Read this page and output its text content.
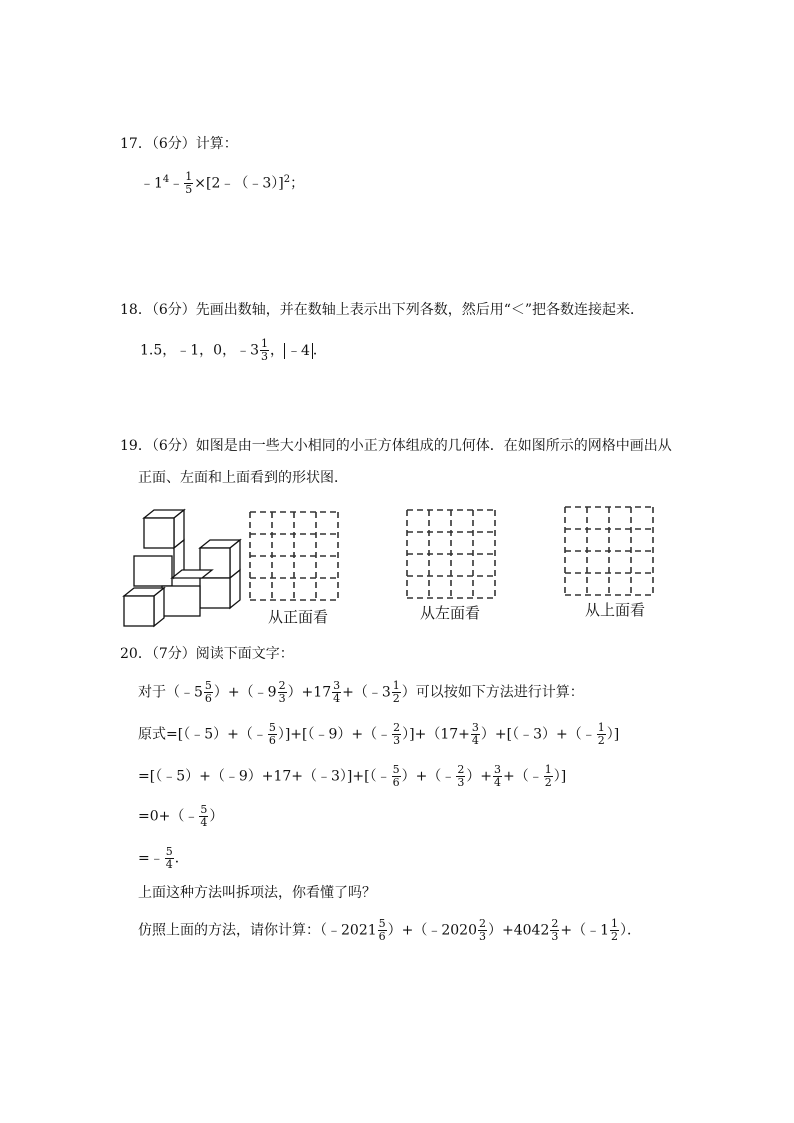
17．（6分）计算：
$﹣1^4﹣ \frac{1}{5}$ ×[2﹣（﹣3）]$^2$；
18．（6分）先画出数轴，并在数轴上表示出下列各数，然后用“＜”把各数连接起来．
1.5，﹣1，0，﹣3 $\frac{1}{3}$ ， ﹣4 ．
19．（6分）如图是由一些大小相同的小正方体组成的几何体．在如图所示的网格中画出从
正面、左面和上面看到的形状图．
从正面看	从左面看	从上面看
20．（7分）阅读下面文字：
对于（﹣5 $\frac{5}{6}$ ）+（﹣9 $\frac{2}{3} )+17 \frac{3}{4}$ +（﹣3 $\frac{1}{2}$ ）可以按如下方法进行计算：
原式=[（﹣5）+（﹣ $\frac{5}{6}$ ）]+[（﹣9）+（﹣ $\frac{2}{3} )]+(17+ \frac{3}{4}$ ）+[（﹣3）+（﹣ $\frac{1}{2}$ ）]
=[（﹣5）+（﹣9）+17+（﹣3）]+[（﹣ $\frac{5}{6}$ ）+（﹣ $\frac{2}{3}$ ）+ $\frac{3}{4}$ +（﹣ $\frac{1}{2}$ ）]
=0+（﹣ $\frac{5}{4}$ ）
=﹣ $\frac{5}{4}$ ．
上面这种方法叫拆项法，你看懂了吗？
仿照上面的方法，请你计算：（﹣2021 $\frac{5}{6}$ ）+（﹣2020 $\frac{2}{3} )+4042 \frac{2}{3}$ +（﹣1 $\frac{1}{2}$ ）．
